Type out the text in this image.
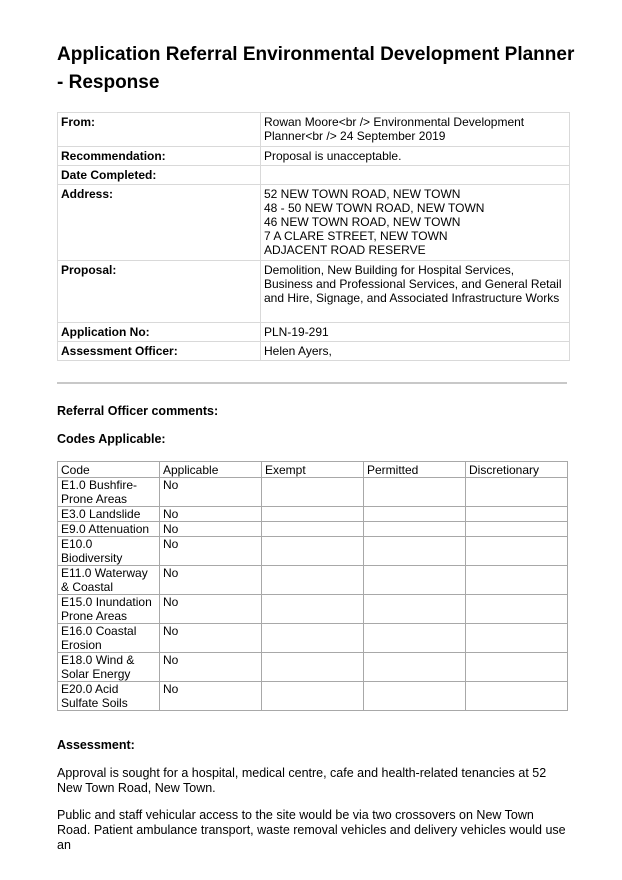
Application Referral Environmental Development Planner - Response
From:	Rowan Moore<br /> Environmental Development Planner<br /> 24 September 2019
Recommendation:	Proposal is unacceptable.
Date Completed:	
Address:	52 NEW TOWN ROAD, NEW TOWN
48 - 50 NEW TOWN ROAD, NEW TOWN
46 NEW TOWN ROAD, NEW TOWN
7 A CLARE STREET, NEW TOWN
ADJACENT ROAD RESERVE

Proposal:	Demolition, New Building for Hospital Services, Business and Professional Services, and General Retail and Hire, Signage, and Associated Infrastructure Works
Application No:	PLN-19-291
Assessment Officer:	Helen Ayers,
Referral Officer comments:
Codes Applicable:
Code	Applicable	Exempt	Permitted	Discretionary
E1.0 Bushfire-Prone Areas	No			
E3.0 Landslide	No			
E9.0 Attenuation	No			
E10.0 Biodiversity	No			
E11.0 Waterway & Coastal	No			
E15.0 Inundation Prone Areas	No			
E16.0 Coastal Erosion	No			
E18.0 Wind & Solar Energy	No			
E20.0 Acid Sulfate Soils	No			
Assessment:

Approval is sought for a hospital, medical centre, cafe and health-related tenancies at 52 New Town Road, New Town.

Public and staff vehicular access to the site would be via two crossovers on New Town Road. Patient ambulance transport, waste removal vehicles and delivery vehicles would use an
